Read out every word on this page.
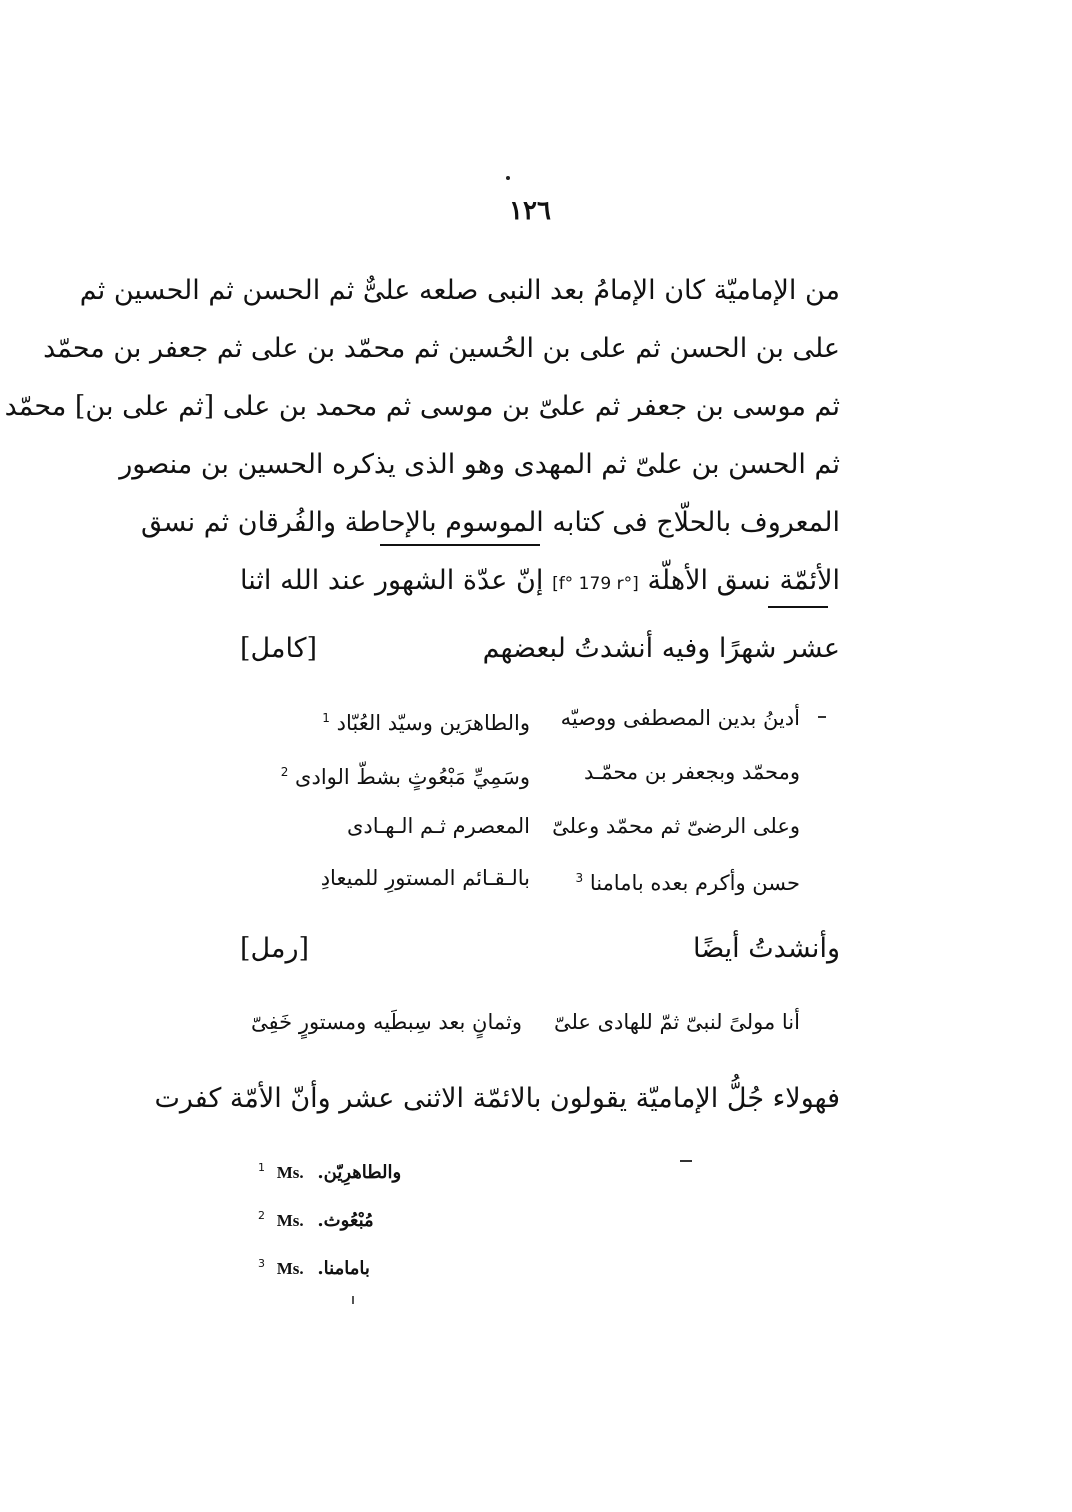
١٢٦
من الإماميّة كان الإمامُ بعد النبى صلعه علىٌّ ثم الحسن ثم الحسين ثم
على بن الحسن ثم على بن الحُسين ثم محمّد بن على ثم جعفر بن محمّد
ثم موسى بن جعفر ثم علىّ بن موسى ثم محمد بن على [ثم على بن] محمّد
ثم الحسن بن علىّ ثم المهدى وهو الذى يذكره الحسين بن منصور
المعروف بالحلّاج فى كتابه الموسوم بالإحاطة والفُرقان ثم نسق
الأئمّة نسق الأهلّة [f° 179 r°] إنّ عدّة الشهور عند الله اثنا
عشر شهرًا وفيه أنشدتُ لبعضهم
[كامل]
أدينُ بدين المصطفى ووصيّه
والطاهرَين وسيّد العُبّاد $^1$
ومحمّد وبجعفر بن محمّـد
وسَمِيِّ مَبْعُوثٍ بشطّ الوادى $^2$
وعلى الرضىّ ثم محمّد وعلىّ
المعصرم ثـم الـهـادى
حسن وأكرم بعده بامامنا $^3$
بالـقـائم المستورِ للميعادِ
وأنشدتُ أيضًا
[رمل]
أنا مولىً لنبىّ ثمّ للهادى علىّ
وثمانٍ بعد سِبطَيه ومستورٍ خَفِىّ
فهولاء جُلُّ الإماميّة يقولون بالائمّة الاثنى عشر وأنّ الأمّة كفرت
$^1$ Ms. والطاهرِيّن.
$^2$ Ms. مُبْعُوث.
$^3$ Ms. بامامنا.
